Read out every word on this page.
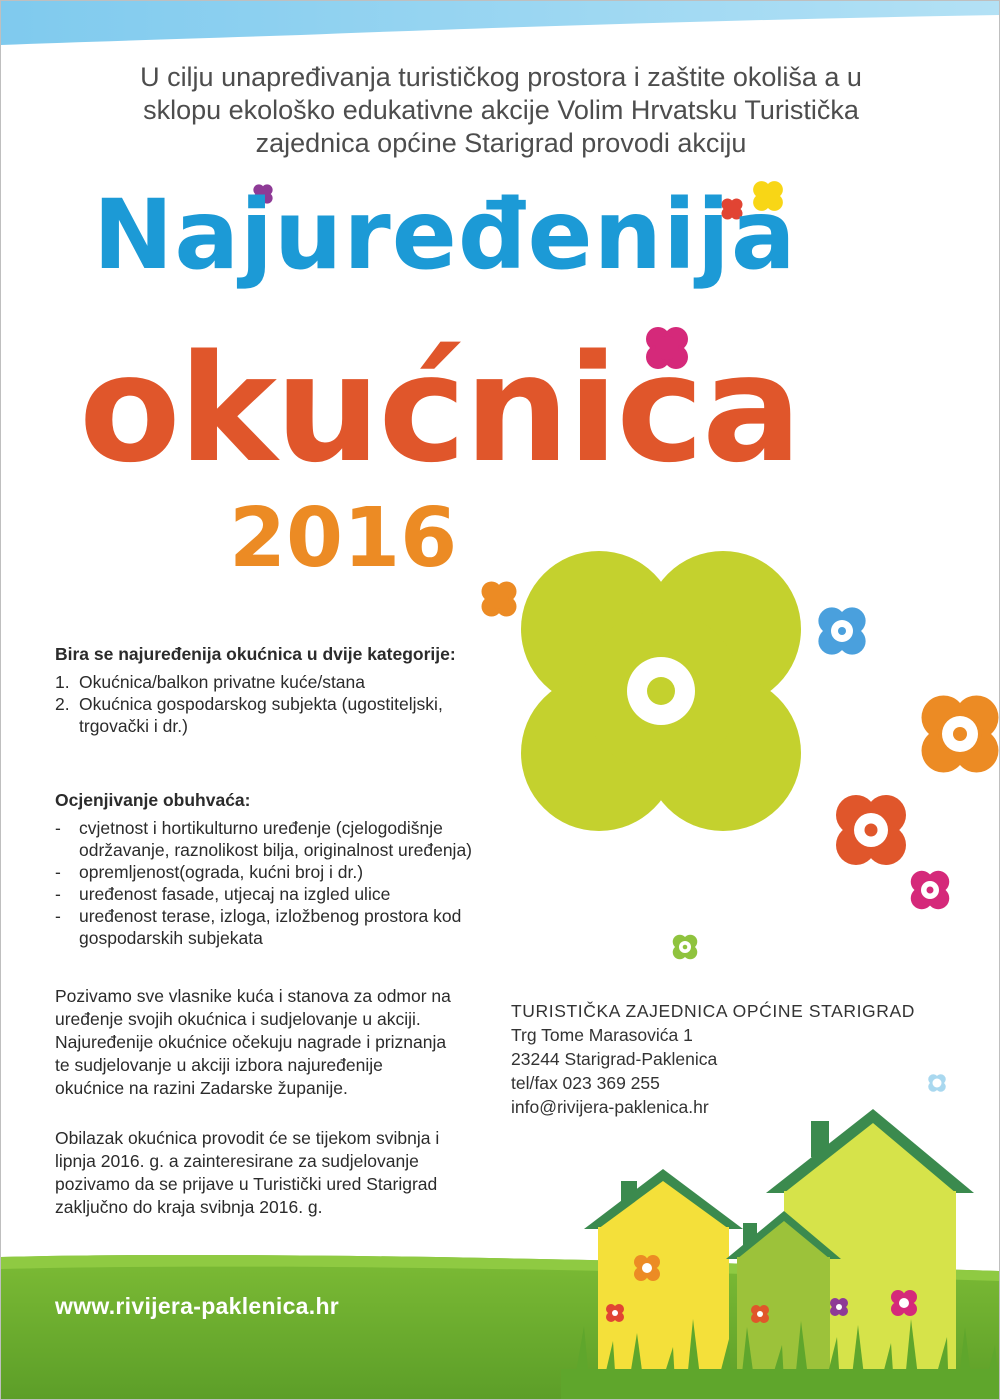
U cilju unapređivanja turističkog prostora i zaštite okoliša a u
sklopu ekološko edukativne akcije Volim Hrvatsku Turistička
zajednica općine Starigrad provodi akciju
Najuređenija
okućnica
2016
Bira se najuređenija okućnica u dvije kategorije:
1. Okućnica/balkon privatne kuće/stana
2. Okućnica gospodarskog subjekta (ugostiteljski, trgovački i dr.)
Ocjenjivanje obuhvaća:
- cvjetnost i hortikulturno uređenje (cjelogodišnje održavanje, raznolikost bilja, originalnost uređenja)
- opremljenost(ograda, kućni broj i dr.)
- uređenost fasade, utjecaj na izgled ulice
- uređenost terase, izloga, izložbenog prostora kod gospodarskih subjekata

Pozivamo sve vlasnike kuća i stanova za odmor na uređenje svojih okućnica i sudjelovanje u akciji. Najuređenije okućnice očekuju nagrade i priznanja te sudjelovanje u akciji izbora najuređenije okućnice na razini Zadarske županije.

Obilazak okućnica provodit će se tijekom svibnja i lipnja 2016. g. a zainteresirane za sudjelovanje pozivamo da se prijave u Turistički ured Starigrad zaključno do kraja svibnja 2016. g.

TURISTIČKA ZAJEDNICA OPĆINE STARIGRAD
Trg Tome Marasovića 1
23244 Starigrad-Paklenica
tel/fax 023 369 255
info@rivijera-paklenica.hr
www.rivijera-paklenica.hr
